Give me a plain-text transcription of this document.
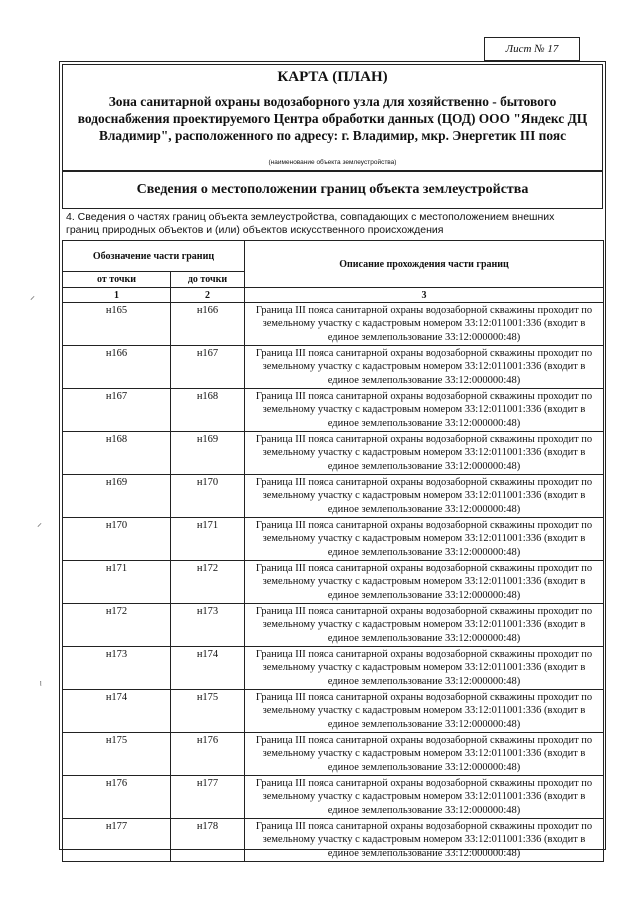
Лист № 17
КАРТА (ПЛАН)
Зона санитарной охраны водозаборного узла для хозяйственно - бытового водоснабжения проектируемого Центра обработки данных (ЦОД) ООО "Яндекс ДЦ Владимир", расположенного по адресу: г. Владимир, мкр. Энергетик III пояс
(наименование объекта землеустройства)
Сведения о местоположении границ объекта землеустройства
4. Сведения о частях границ объекта землеустройства, совпадающих с местоположением внешних границ природных объектов и (или) объектов искусственного происхождения
Обозначение части границ		Описание прохождения части границ
от точки	до точки	
1	2	3
н165	н166	Граница III пояса санитарной охраны водозаборной скважины проходит по земельному участку с кадастровым номером 33:12:011001:336 (входит в единое землепользование 33:12:000000:48)
н166	н167	Граница III пояса санитарной охраны водозаборной скважины проходит по земельному участку с кадастровым номером 33:12:011001:336 (входит в единое землепользование 33:12:000000:48)
н167	н168	Граница III пояса санитарной охраны водозаборной скважины проходит по земельному участку с кадастровым номером 33:12:011001:336 (входит в единое землепользование 33:12:000000:48)
н168	н169	Граница III пояса санитарной охраны водозаборной скважины проходит по земельному участку с кадастровым номером 33:12:011001:336 (входит в единое землепользование 33:12:000000:48)
н169	н170	Граница III пояса санитарной охраны водозаборной скважины проходит по земельному участку с кадастровым номером 33:12:011001:336 (входит в единое землепользование 33:12:000000:48)
н170	н171	Граница III пояса санитарной охраны водозаборной скважины проходит по земельному участку с кадастровым номером 33:12:011001:336 (входит в единое землепользование 33:12:000000:48)
н171	н172	Граница III пояса санитарной охраны водозаборной скважины проходит по земельному участку с кадастровым номером 33:12:011001:336 (входит в единое землепользование 33:12:000000:48)
н172	н173	Граница III пояса санитарной охраны водозаборной скважины проходит по земельному участку с кадастровым номером 33:12:011001:336 (входит в единое землепользование 33:12:000000:48)
н173	н174	Граница III пояса санитарной охраны водозаборной скважины проходит по земельному участку с кадастровым номером 33:12:011001:336 (входит в единое землепользование 33:12:000000:48)
н174	н175	Граница III пояса санитарной охраны водозаборной скважины проходит по земельному участку с кадастровым номером 33:12:011001:336 (входит в единое землепользование 33:12:000000:48)
н175	н176	Граница III пояса санитарной охраны водозаборной скважины проходит по земельному участку с кадастровым номером 33:12:011001:336 (входит в единое землепользование 33:12:000000:48)
н176	н177	Граница III пояса санитарной охраны водозаборной скважины проходит по земельному участку с кадастровым номером 33:12:011001:336 (входит в единое землепользование 33:12:000000:48)
н177	н178	Граница III пояса санитарной охраны водозаборной скважины проходит по земельному участку с кадастровым номером 33:12:011001:336 (входит в единое землепользование 33:12:000000:48)
⸝
⸝
ˡ
